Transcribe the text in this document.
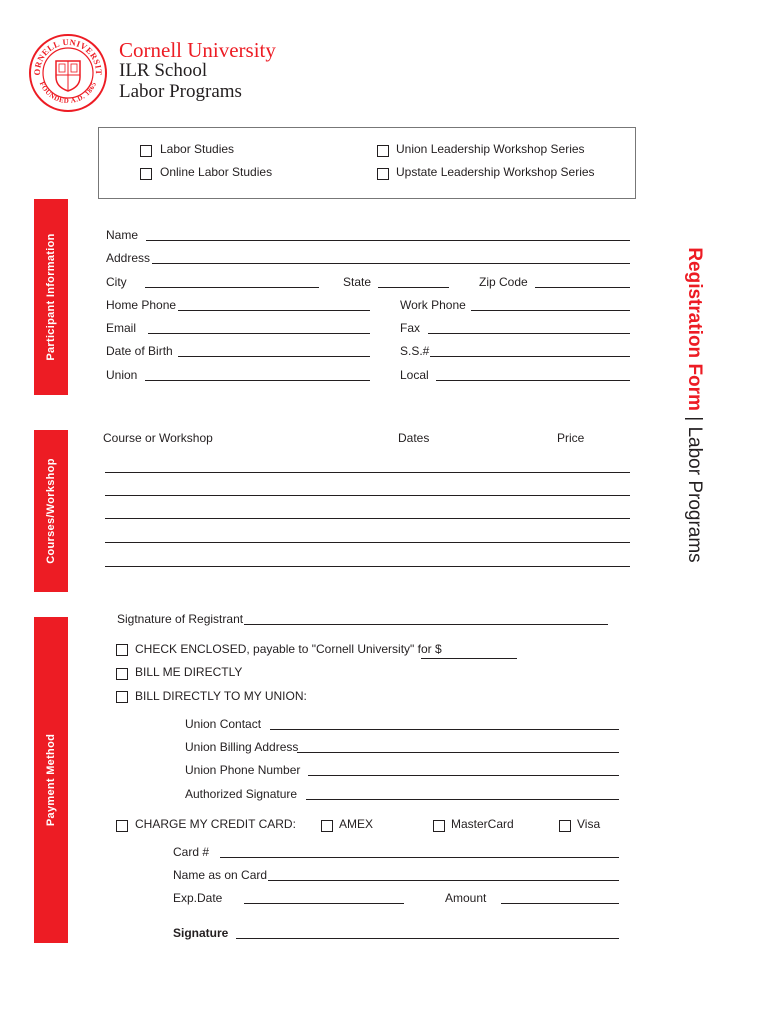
ORNELL UNIVERSIT
FOUNDED A.D. 1865
Cornell University
ILR School
Labor Programs
Labor Studies
Online Labor Studies
Union Leadership Workshop Series
Upstate Leadership Workshop Series
Participant Information
Courses/Workshop
Payment Method
Registration Form | Labor Programs
Name
Address
City	State	Zip Code
Home Phone	Work Phone
Email	Fax
Date of Birth	S.S.#
Union	Local
Course or Workshop	Dates	Price
Sigtnature of Registrant
CHECK ENCLOSED, payable to "Cornell University" for $
BILL ME DIRECTLY
BILL DIRECTLY TO MY UNION:
Union Contact
Union Billing Address
Union Phone Number
Authorized Signature
CHARGE MY CREDIT CARD:	AMEX	MasterCard	Visa
Card #
Name as on Card
Exp.Date	Amount
Signature
